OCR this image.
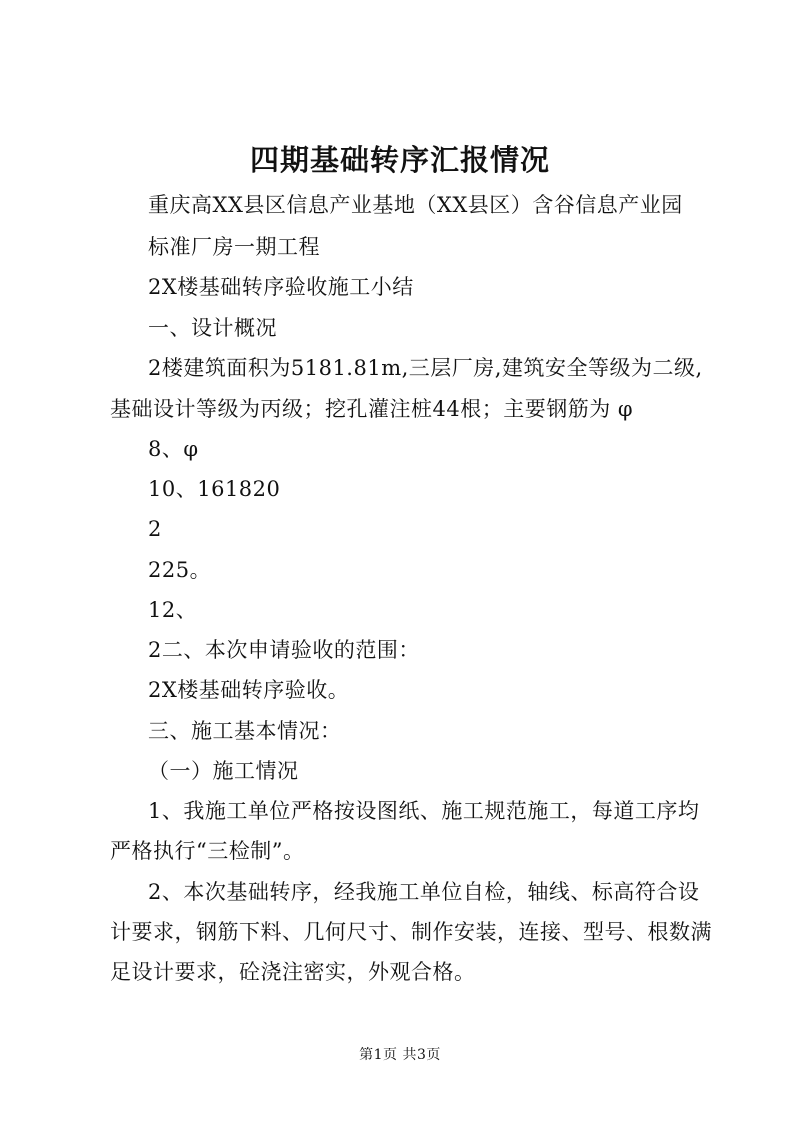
四期基础转序汇报情况
重庆高XX县区信息产业基地（XX县区）含谷信息产业园
标准厂房一期工程
2X楼基础转序验收施工小结
一、设计概况
2楼建筑面积为5181.81m,三层厂房,建筑安全等级为二级,
基础设计等级为丙级；挖孔灌注桩44根；主要钢筋为 φ
8、φ
10、161820
2
225。
12、
2二、本次申请验收的范围：
2X楼基础转序验收。
三、施工基本情况：
（一）施工情况
1、我施工单位严格按设图纸、施工规范施工，每道工序均
严格执行“三检制”。
2、本次基础转序，经我施工单位自检，轴线、标高符合设
计要求，钢筋下料、几何尺寸、制作安装，连接、型号、根数满
足设计要求，砼浇注密实，外观合格。
第1页 共3页
